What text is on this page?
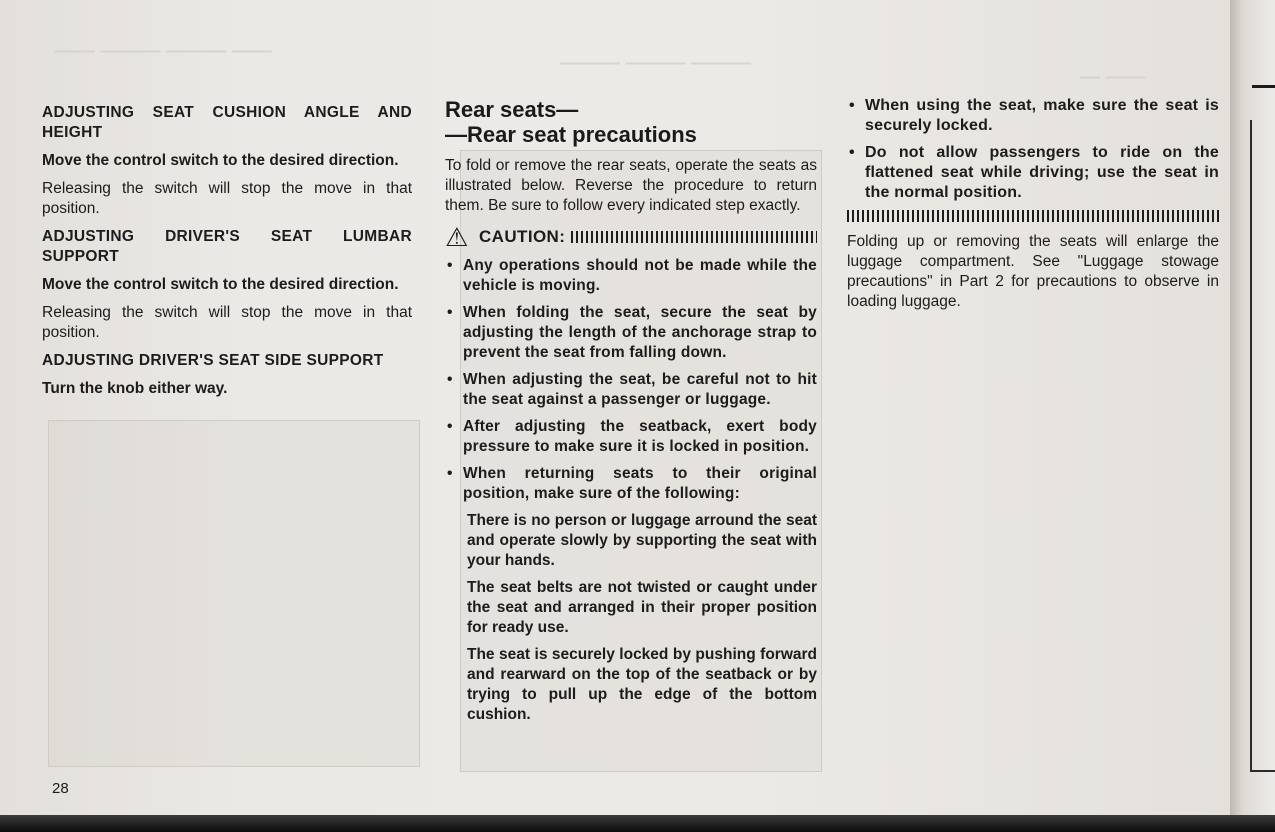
—— ——— ——— ——
——— ——— ———
—— —

ADJUSTING SEAT CUSHION ANGLE AND HEIGHT

Move the control switch to the desired direction.

Releasing the switch will stop the move in that position.

ADJUSTING DRIVER'S SEAT LUMBAR SUPPORT

Move the control switch to the desired direction.

Releasing the switch will stop the move in that position.

ADJUSTING DRIVER'S SEAT SIDE SUPPORT

Turn the knob either way.

Rear seats—
—Rear seat precautions

To fold or remove the rear seats, operate the seats as illustrated below. Reverse the procedure to return them. Be sure to follow every indicated step exactly.

⚠ CAUTION:
• Any operations should not be made while the vehicle is moving.
• When folding the seat, secure the seat by adjusting the length of the anchorage strap to prevent the seat from falling down.
• When adjusting the seat, be careful not to hit the seat against a passenger or luggage.
• After adjusting the seatback, exert body pressure to make sure it is locked in position.
• When returning seats to their original position, make sure of the following:

There is no person or luggage arround the seat and operate slowly by supporting the seat with your hands.

The seat belts are not twisted or caught under the seat and arranged in their proper position for ready use.

The seat is securely locked by pushing forward and rearward on the top of the seatback or by trying to pull up the edge of the bottom cushion.

• When using the seat, make sure the seat is securely locked.
• Do not allow passengers to ride on the flattened seat while driving; use the seat in the normal position.

Folding up or removing the seats will enlarge the luggage compartment. See "Luggage stowage precautions" in Part 2 for precautions to observe in loading luggage.

28
